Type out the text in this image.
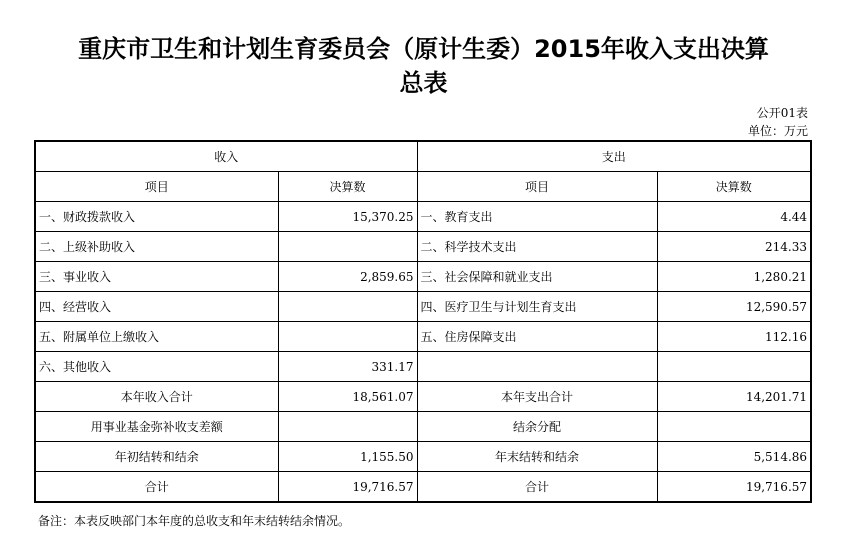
重庆市卫生和计划生育委员会（原计生委）2015年收入支出决算
总表
公开01表
单位：万元
收入		支出	
项目	决算数	项目	决算数
一、财政拨款收入	15,370.25	一、教育支出	4.44
二、上级补助收入		二、科学技术支出	214.33
三、事业收入	2,859.65	三、社会保障和就业支出	1,280.21
四、经营收入		四、医疗卫生与计划生育支出	12,590.57
五、附属单位上缴收入		五、住房保障支出	112.16
六、其他收入	331.17		
本年收入合计	18,561.07	本年支出合计	14,201.71
用事业基金弥补收支差额		结余分配	
年初结转和结余	1,155.50	年末结转和结余	5,514.86
合计	19,716.57	合计	19,716.57
备注：本表反映部门本年度的总收支和年末结转结余情况。
